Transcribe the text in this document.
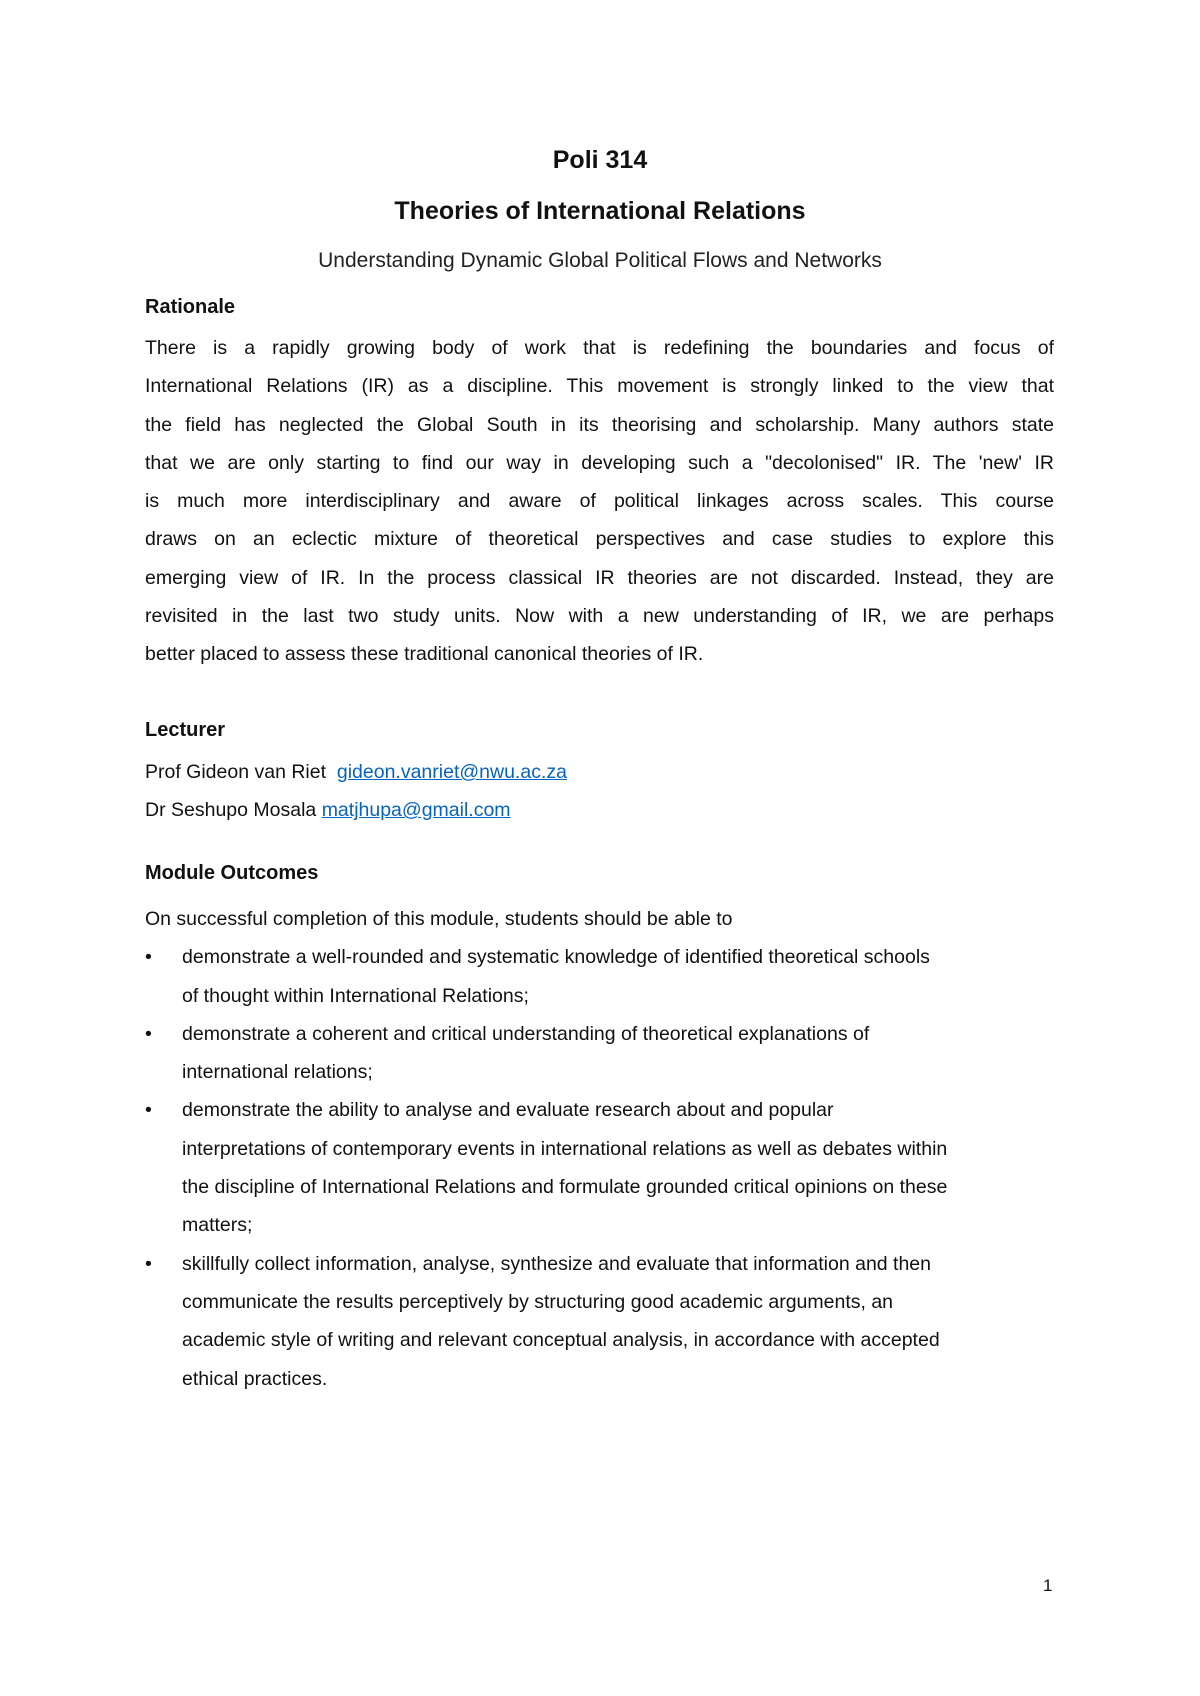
Poli 314
Theories of International Relations
Understanding Dynamic Global Political Flows and Networks
Rationale
There is a rapidly growing body of work that is redefining the boundaries and focus of
International Relations (IR) as a discipline. This movement is strongly linked to the view that
the field has neglected the Global South in its theorising and scholarship. Many authors state
that we are only starting to find our way in developing such a "decolonised" IR. The 'new' IR
is much more interdisciplinary and aware of political linkages across scales. This course
draws on an eclectic mixture of theoretical perspectives and case studies to explore this
emerging view of IR. In the process classical IR theories are not discarded. Instead, they are
revisited in the last two study units. Now with a new understanding of IR, we are perhaps
better placed to assess these traditional canonical theories of IR.
Lecturer
Prof Gideon van Riet gideon.vanriet@nwu.ac.za
Dr Seshupo Mosala matjhupa@gmail.com
Module Outcomes
On successful completion of this module, students should be able to
• demonstrate a well-rounded and systematic knowledge of identified theoretical schools
of thought within International Relations;
• demonstrate a coherent and critical understanding of theoretical explanations of
international relations;
• demonstrate the ability to analyse and evaluate research about and popular
interpretations of contemporary events in international relations as well as debates within
the discipline of International Relations and formulate grounded critical opinions on these
matters;
• skillfully collect information, analyse, synthesize and evaluate that information and then
communicate the results perceptively by structuring good academic arguments, an
academic style of writing and relevant conceptual analysis, in accordance with accepted
ethical practices.
1
